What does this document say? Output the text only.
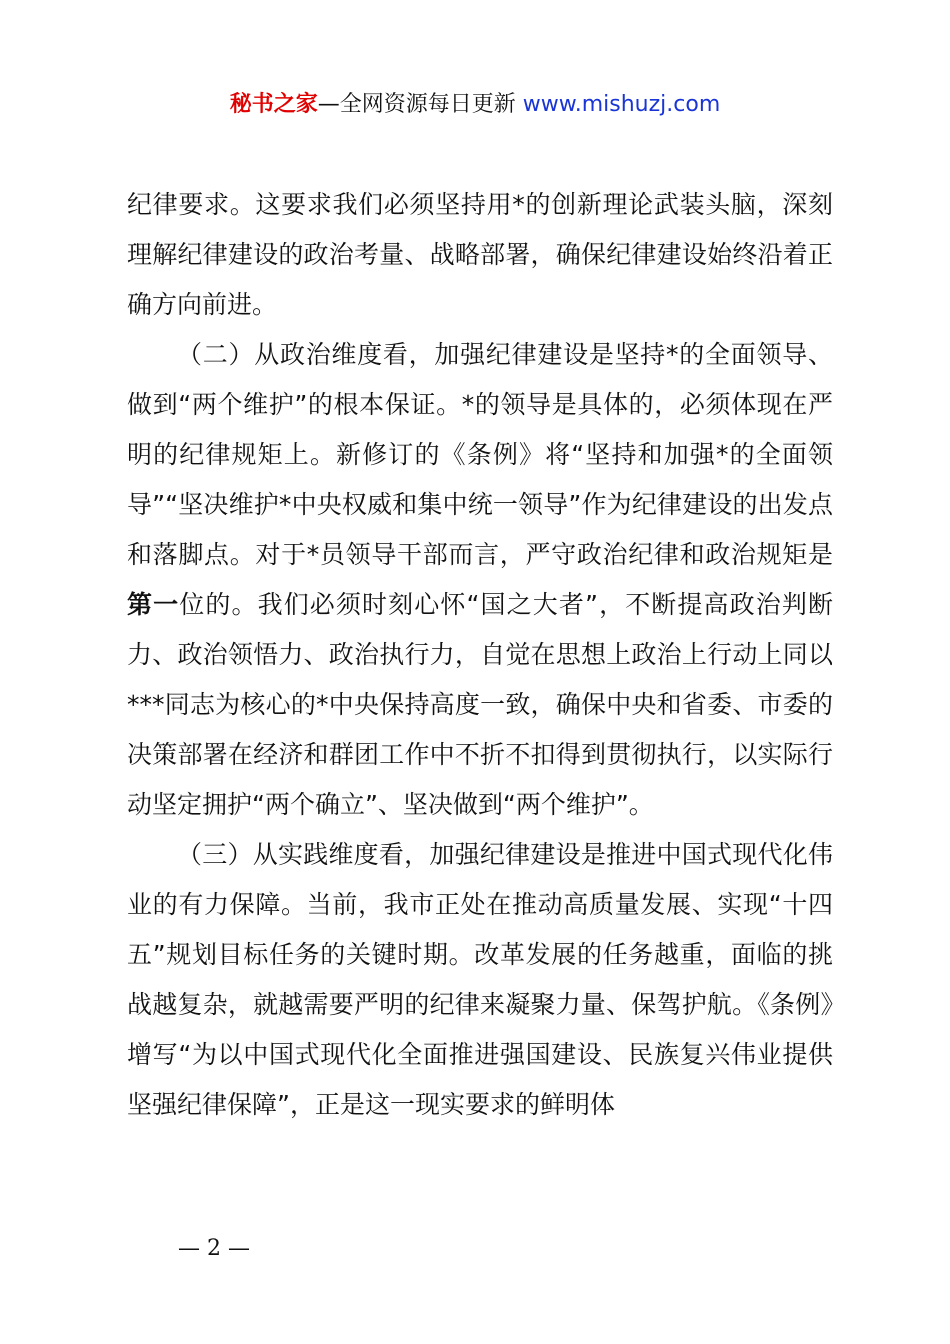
秘书之家—全网资源每日更新 www.mishuzj.com

纪律要求。这要求我们必须坚持用*的创新理论武装头脑，深刻理解纪律建设的政治考量、战略部署，确保纪律建设始终沿着正确方向前进。

（二）从政治维度看，加强纪律建设是坚持*的全面领导、做到“两个维护”的根本保证。*的领导是具体的，必须体现在严明的纪律规矩上。新修订的《条例》将“坚持和加强*的全面领导”“坚决维护*中央权威和集中统一领导”作为纪律建设的出发点和落脚点。对于*员领导干部而言，严守政治纪律和政治规矩是第一位的。我们必须时刻心怀“国之大者”，不断提高政治判断力、政治领悟力、政治执行力，自觉在思想上政治上行动上同以***同志为核心的*中央保持高度一致，确保中央和省委、市委的决策部署在经济和群团工作中不折不扣得到贯彻执行，以实际行动坚定拥护“两个确立”、坚决做到“两个维护”。

（三）从实践维度看，加强纪律建设是推进中国式现代化伟业的有力保障。当前，我市正处在推动高质量发展、实现“十四五”规划目标任务的关键时期。改革发展的任务越重，面临的挑战越复杂，就越需要严明的纪律来凝聚力量、保驾护航。《条例》增写“为以中国式现代化全面推进强国建设、民族复兴伟业提供坚强纪律保障”，正是这一现实要求的鲜明体

— 2 —
